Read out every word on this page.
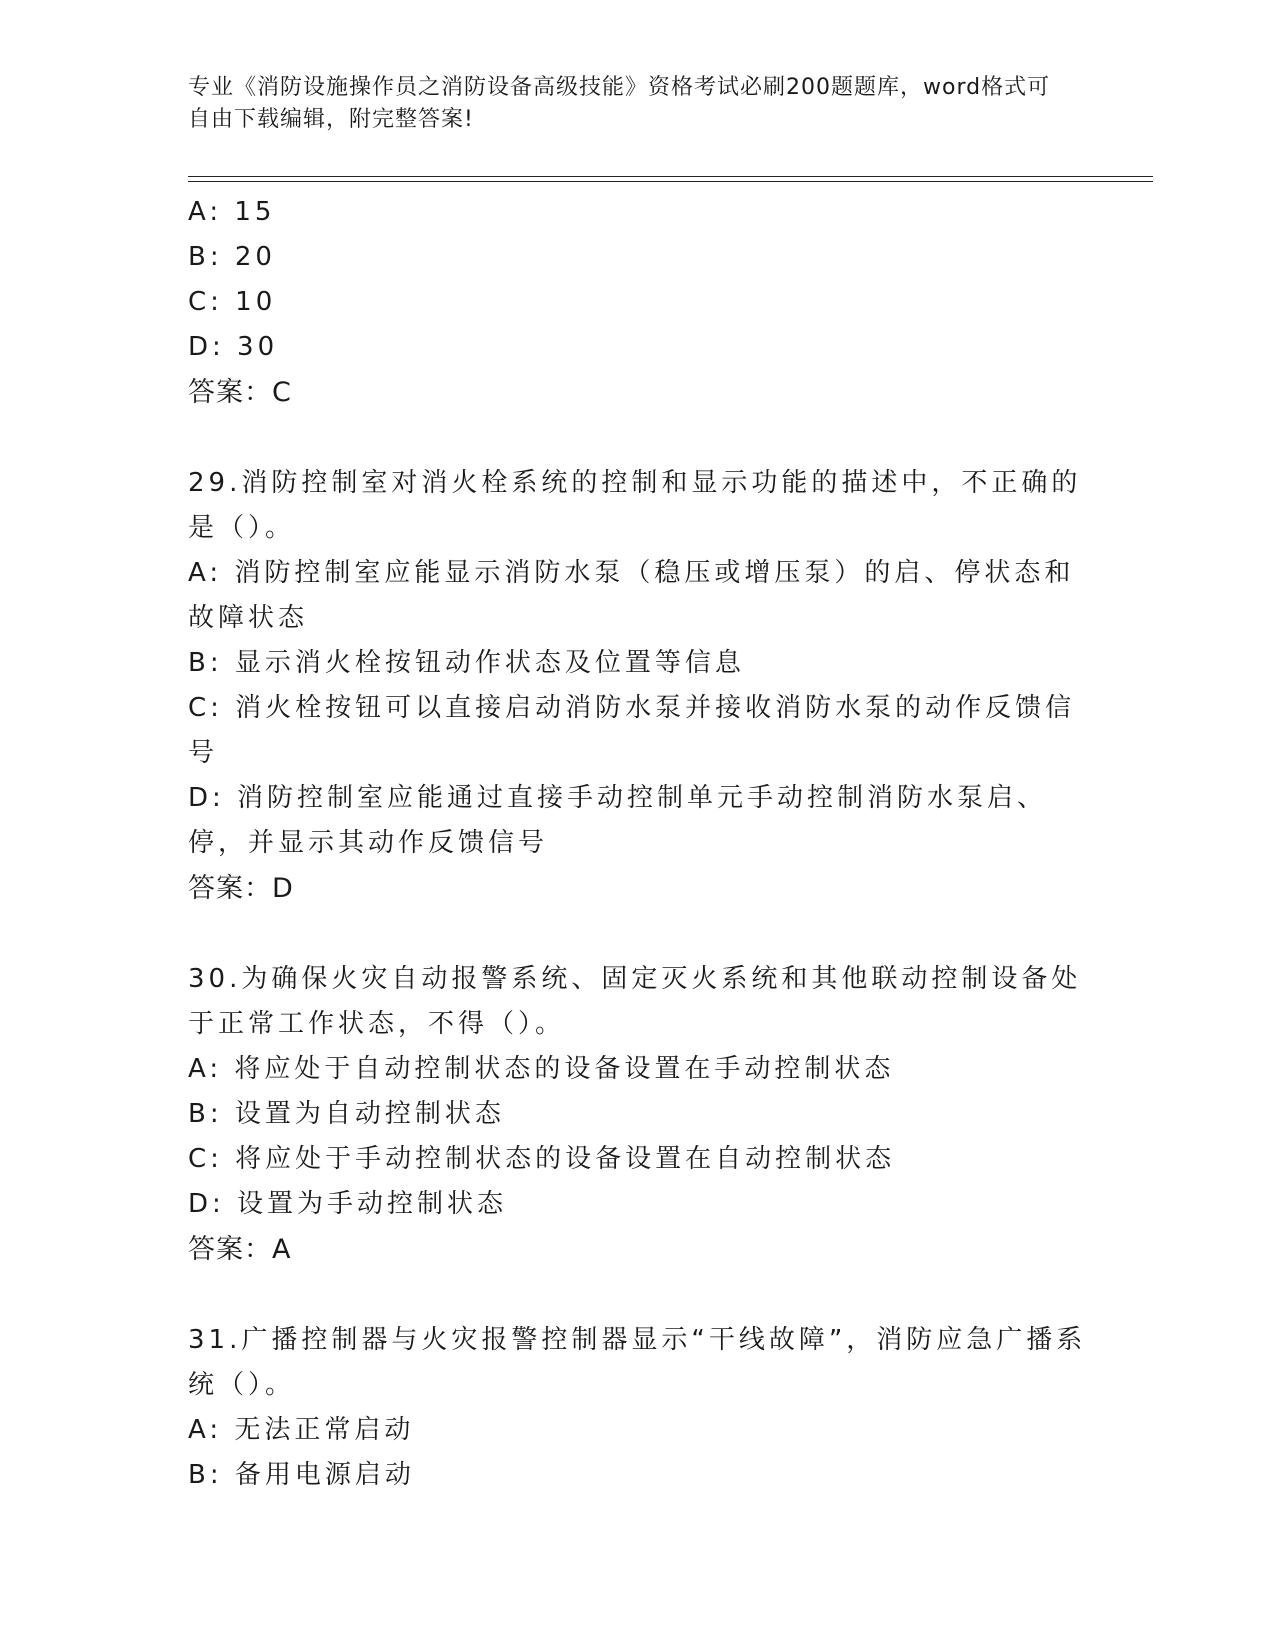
专业《消防设施操作员之消防设备高级技能》资格考试必刷200题题库，word格式可自由下载编辑，附完整答案!
A: 15
B: 20
C: 10
D: 30
答案：C
29.消防控制室对消火栓系统的控制和显示功能的描述中，不正确的是（）。
A: 消防控制室应能显示消防水泵（稳压或增压泵）的启、停状态和故障状态
B: 显示消火栓按钮动作状态及位置等信息
C: 消火栓按钮可以直接启动消防水泵并接收消防水泵的动作反馈信号
D: 消防控制室应能通过直接手动控制单元手动控制消防水泵启、停，并显示其动作反馈信号
答案：D
30.为确保火灾自动报警系统、固定灭火系统和其他联动控制设备处于正常工作状态，不得（）。
A: 将应处于自动控制状态的设备设置在手动控制状态
B: 设置为自动控制状态
C: 将应处于手动控制状态的设备设置在自动控制状态
D: 设置为手动控制状态
答案：A
31.广播控制器与火灾报警控制器显示“干线故障”，消防应急广播系统（）。
A: 无法正常启动
B: 备用电源启动
